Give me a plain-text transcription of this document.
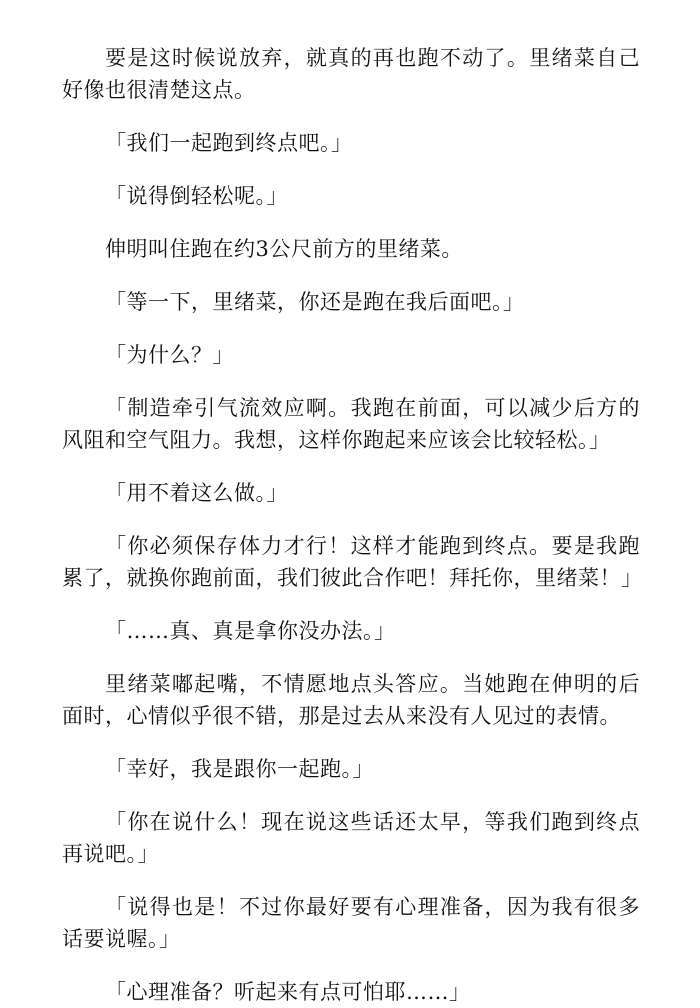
要是这时候说放弃，就真的再也跑不动了。里绪菜自己好像也很清楚这点。

「我们一起跑到终点吧。」

「说得倒轻松呢。」

伸明叫住跑在约3公尺前方的里绪菜。

「等一下，里绪菜，你还是跑在我后面吧。」

「为什么？」

「制造牵引气流效应啊。我跑在前面，可以减少后方的风阻和空气阻力。我想，这样你跑起来应该会比较轻松。」

「用不着这么做。」

「你必须保存体力才行！这样才能跑到终点。要是我跑累了，就换你跑前面，我们彼此合作吧！拜托你，里绪菜！」

「……真、真是拿你没办法。」

里绪菜嘟起嘴，不情愿地点头答应。当她跑在伸明的后面时，心情似乎很不错，那是过去从来没有人见过的表情。

「幸好，我是跟你一起跑。」

「你在说什么！现在说这些话还太早，等我们跑到终点再说吧。」

「说得也是！不过你最好要有心理准备，因为我有很多话要说喔。」

「心理准备？听起来有点可怕耶……」
